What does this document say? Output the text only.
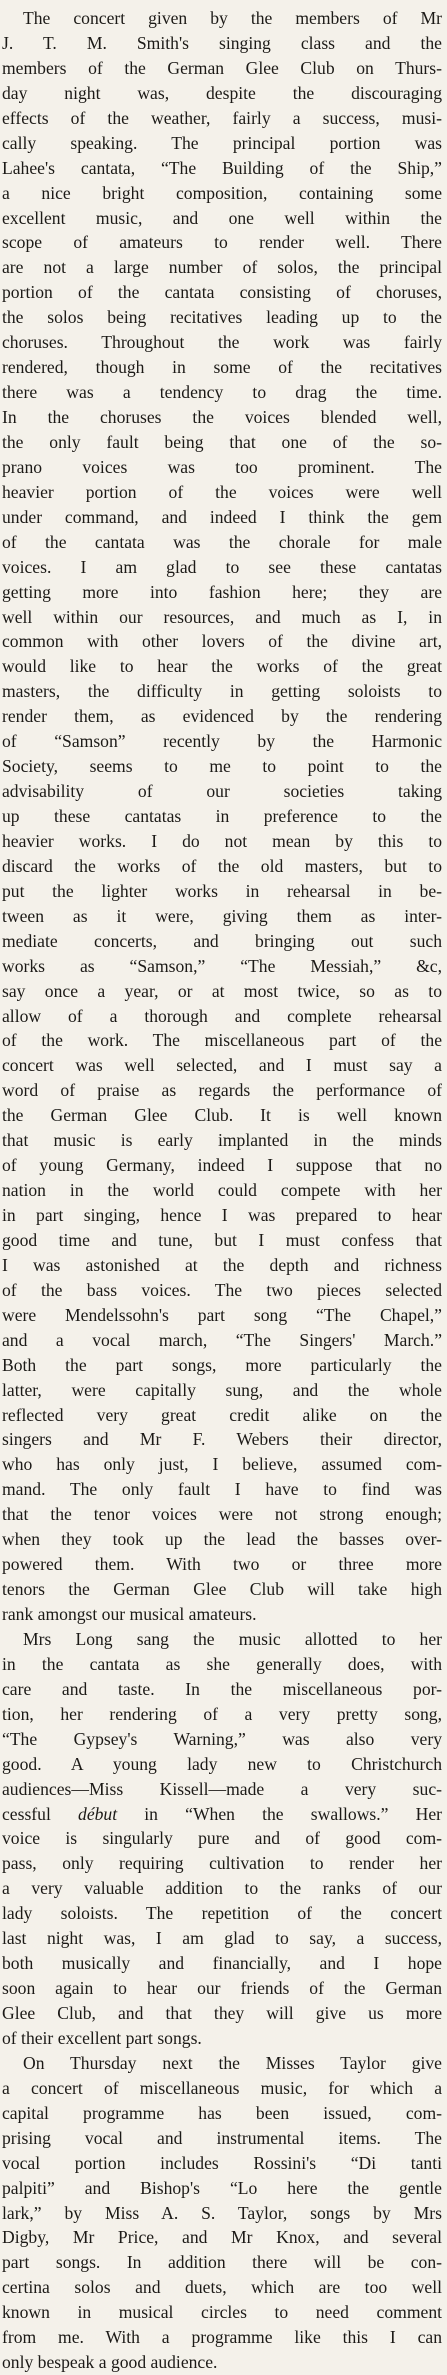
The concert given by the members of Mr
J. T. M. Smith's singing class and the
members of the German Glee Club on Thurs-
day night was, despite the discouraging
effects of the weather, fairly a success, musi-
cally speaking. The principal portion was
Lahee's cantata, “The Building of the Ship,”
a nice bright composition, containing some
excellent music, and one well within the
scope of amateurs to render well. There
are not a large number of solos, the principal
portion of the cantata consisting of choruses,
the solos being recitatives leading up to the
choruses. Throughout the work was fairly
rendered, though in some of the recitatives
there was a tendency to drag the time.
In the choruses the voices blended well,
the only fault being that one of the so-
prano voices was too prominent. The
heavier portion of the voices were well
under command, and indeed I think the gem
of the cantata was the chorale for male
voices. I am glad to see these cantatas
getting more into fashion here; they are
well within our resources, and much as I, in
common with other lovers of the divine art,
would like to hear the works of the great
masters, the difficulty in getting soloists to
render them, as evidenced by the rendering
of “Samson” recently by the Harmonic
Society, seems to me to point to the
advisability of our societies taking
up these cantatas in preference to the
heavier works. I do not mean by this to
discard the works of the old masters, but to
put the lighter works in rehearsal in be-
tween as it were, giving them as inter-
mediate concerts, and bringing out such
works as “Samson,” “The Messiah,” &c,
say once a year, or at most twice, so as to
allow of a thorough and complete rehearsal
of the work. The miscellaneous part of the
concert was well selected, and I must say a
word of praise as regards the performance of
the German Glee Club. It is well known
that music is early implanted in the minds
of young Germany, indeed I suppose that no
nation in the world could compete with her
in part singing, hence I was prepared to hear
good time and tune, but I must confess that
I was astonished at the depth and richness
of the bass voices. The two pieces selected
were Mendelssohn's part song “The Chapel,”
and a vocal march, “The Singers' March.”
Both the part songs, more particularly the
latter, were capitally sung, and the whole
reflected very great credit alike on the
singers and Mr F. Webers their director,
who has only just, I believe, assumed com-
mand. The only fault I have to find was
that the tenor voices were not strong enough;
when they took up the lead the basses over-
powered them. With two or three more
tenors the German Glee Club will take high
rank amongst our musical amateurs.
Mrs Long sang the music allotted to her
in the cantata as she generally does, with
care and taste. In the miscellaneous por-
tion, her rendering of a very pretty song,
“The Gypsey's Warning,” was also very
good. A young lady new to Christchurch
audiences—Miss Kissell—made a very suc-
cessful début in “When the swallows.” Her
voice is singularly pure and of good com-
pass, only requiring cultivation to render her
a very valuable addition to the ranks of our
lady soloists. The repetition of the concert
last night was, I am glad to say, a success,
both musically and financially, and I hope
soon again to hear our friends of the German
Glee Club, and that they will give us more
of their excellent part songs.
On Thursday next the Misses Taylor give
a concert of miscellaneous music, for which a
capital programme has been issued, com-
prising vocal and instrumental items. The
vocal portion includes Rossini's “Di tanti
palpiti” and Bishop's “Lo here the gentle
lark,” by Miss A. S. Taylor, songs by Mrs
Digby, Mr Price, and Mr Knox, and several
part songs. In addition there will be con-
certina solos and duets, which are too well
known in musical circles to need comment
from me. With a programme like this I can
only bespeak a good audience.
